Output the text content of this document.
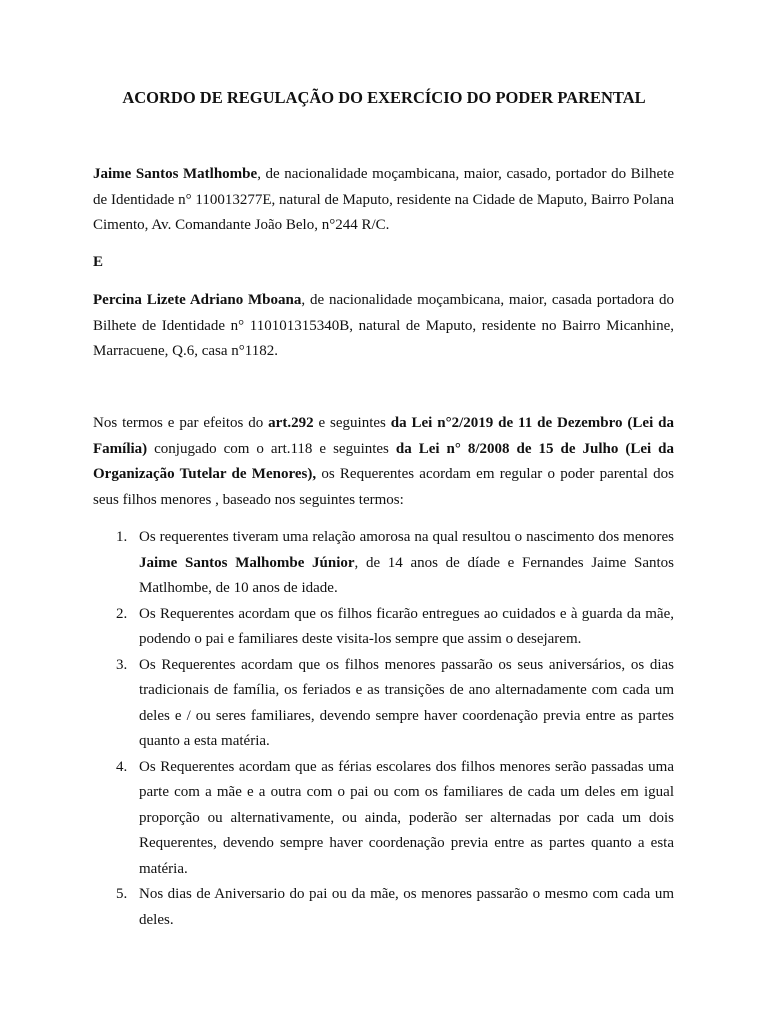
ACORDO DE REGULAÇÃO DO EXERCÍCIO DO PODER PARENTAL

Jaime Santos Matlhombe, de nacionalidade moçambicana, maior, casado, portador do Bilhete de Identidade n° 110013277E, natural de Maputo, residente na Cidade de Maputo, Bairro Polana Cimento, Av. Comandante João Belo, n°244 R/C.

E

Percina Lizete Adriano Mboana, de nacionalidade moçambicana, maior, casada portadora do Bilhete de Identidade n° 110101315340B, natural de Maputo, residente no Bairro Micanhine, Marracuene, Q.6, casa n°1182.

Nos termos e par efeitos do art.292 e seguintes da Lei n°2/2019 de 11 de Dezembro (Lei da Família) conjugado com o art.118 e seguintes da Lei n° 8/2008 de 15 de Julho (Lei da Organização Tutelar de Menores), os Requerentes acordam em regular o poder parental dos seus filhos menores , baseado nos seguintes termos:

1. Os requerentes tiveram uma relação amorosa na qual resultou o nascimento dos menores Jaime Santos Malhombe Júnior, de 14 anos de díade e Fernandes Jaime Santos Matlhombe, de 10 anos de idade.
2. Os Requerentes acordam que os filhos ficarão entregues ao cuidados e à guarda da mãe, podendo o pai e familiares deste visita-los sempre que assim o desejarem.
3. Os Requerentes acordam que os filhos menores passarão os seus aniversários, os dias tradicionais de família, os feriados e as transições de ano alternadamente com cada um deles e / ou seres familiares, devendo sempre haver coordenação previa entre as partes quanto a esta matéria.
4. Os Requerentes acordam que as férias escolares dos filhos menores serão passadas uma parte com a mãe e a outra com o pai ou com os familiares de cada um deles em igual proporção ou alternativamente, ou ainda, poderão ser alternadas por cada um dois Requerentes, devendo sempre haver coordenação previa entre as partes quanto a esta matéria.
5. Nos dias de Aniversario do pai ou da mãe, os menores passarão o mesmo com cada um deles.
